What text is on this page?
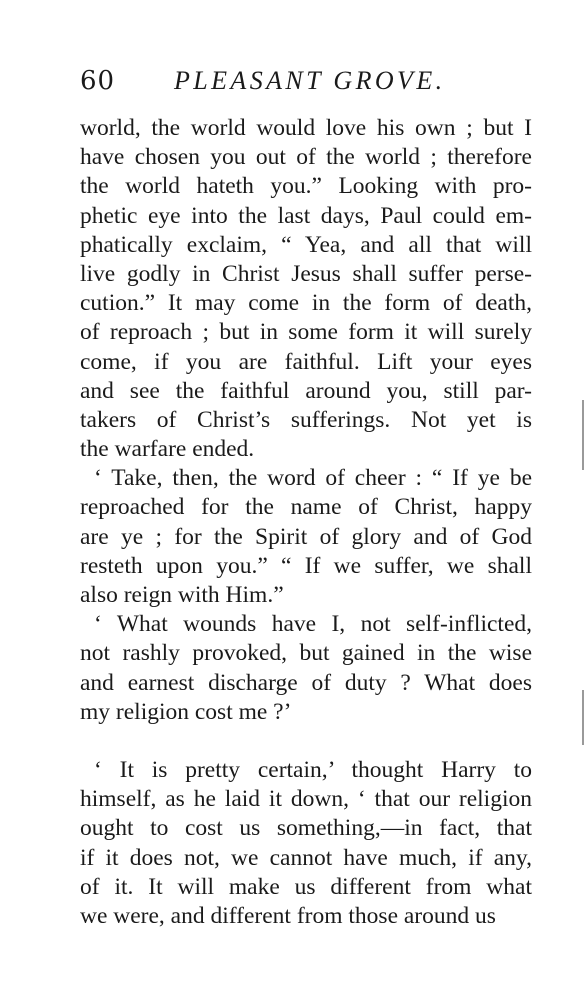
60 PLEASANT GROVE.
world, the world would love his own ; but I
have chosen you out of the world ; therefore
the world hateth you.” Looking with pro-
phetic eye into the last days, Paul could em-
phatically exclaim, “ Yea, and all that will
live godly in Christ Jesus shall suffer perse-
cution.” It may come in the form of death,
of reproach ; but in some form it will surely
come, if you are faithful. Lift your eyes
and see the faithful around you, still par-
takers of Christ’s sufferings. Not yet is
the warfare ended.
‘ Take, then, the word of cheer : “ If ye be
reproached for the name of Christ, happy
are ye ; for the Spirit of glory and of God
resteth upon you.” “ If we suffer, we shall
also reign with Him.”
‘ What wounds have I, not self-inflicted,
not rashly provoked, but gained in the wise
and earnest discharge of duty ? What does
my religion cost me ?’
‘ It is pretty certain,’ thought Harry to
himself, as he laid it down, ‘ that our religion
ought to cost us something,—in fact, that
if it does not, we cannot have much, if any,
of it. It will make us different from what
we were, and different from those around us
